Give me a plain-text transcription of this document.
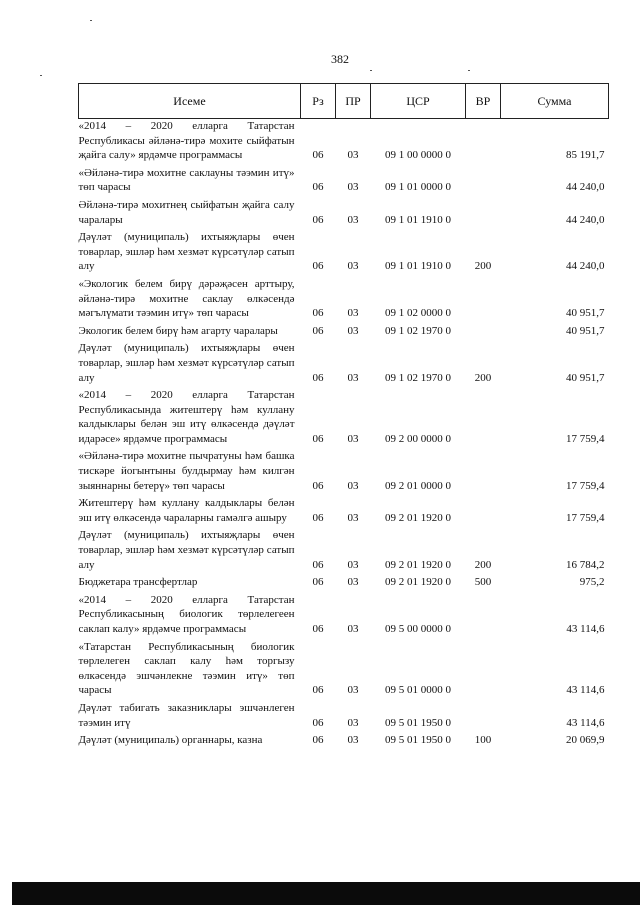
382
Исеме	Рз	ПР	ЦСР	ВР	Сумма
«2014 – 2020 елларга Татарстан Республикасы әйләнә-тирә мохите сыйфатын җайга салу» ярдәмче программасы	06	03	09 1 00 0000 0		85 191,7
«Әйләнә-тирә мохитне саклауны тәэмин итү» төп чарасы	06	03	09 1 01 0000 0		44 240,0
Әйләнә-тирә мохитнең сыйфатын җайга салу чаралары	06	03	09 1 01 1910 0		44 240,0
Дәүләт (муниципаль) ихтыяҗлары өчен товарлар, эшләр һәм хезмәт күрсәтүләр сатып алу	06	03	09 1 01 1910 0	200	44 240,0
«Экологик белем бирү дәрәҗәсен арттыру, әйләнә-тирә мохитне саклау өлкәсендә мәгълүмати тәэмин итү» төп чарасы	06	03	09 1 02 0000 0		40 951,7
Экологик белем бирү һәм агарту чаралары	06	03	09 1 02 1970 0		40 951,7
Дәүләт (муниципаль) ихтыяҗлары өчен товарлар, эшләр һәм хезмәт күрсәтүләр сатып алу	06	03	09 1 02 1970 0	200	40 951,7
«2014 – 2020 елларга Татарстан Республикасында житештерү һәм куллану калдыклары белән эш итү өлкәсендә дәүләт идарәсе» ярдәмче программасы	06	03	09 2 00 0000 0		17 759,4
«Әйләнә-тирә мохитне пычратуны һәм башка тискәре йогынтыны булдырмау һәм килгән зыяннарны бетерү» төп чарасы	06	03	09 2 01 0000 0		17 759,4
Житештерү һәм куллану калдыклары белән эш итү өлкәсендә чараларны гамәлгә ашыру	06	03	09 2 01 1920 0		17 759,4
Дәүләт (муниципаль) ихтыяҗлары өчен товарлар, эшләр һәм хезмәт күрсәтүләр сатып алу	06	03	09 2 01 1920 0	200	16 784,2
Бюджетара трансфертлар	06	03	09 2 01 1920 0	500	975,2
«2014 – 2020 елларга Татарстан Республикасының биологик төрлелегеен саклап калу» ярдәмче программасы	06	03	09 5 00 0000 0		43 114,6
«Татарстан Республикасының биологик төрлелеген саклап калу һәм торгызу өлкәсендә эшчәнлекне тәэмин итү» төп чарасы	06	03	09 5 01 0000 0		43 114,6
Дәүләт табигать заказниклары эшчәнлеген тәэмин итү	06	03	09 5 01 1950 0		43 114,6
Дәүләт (муниципаль) органнары, казна	06	03	09 5 01 1950 0	100	20 069,9
